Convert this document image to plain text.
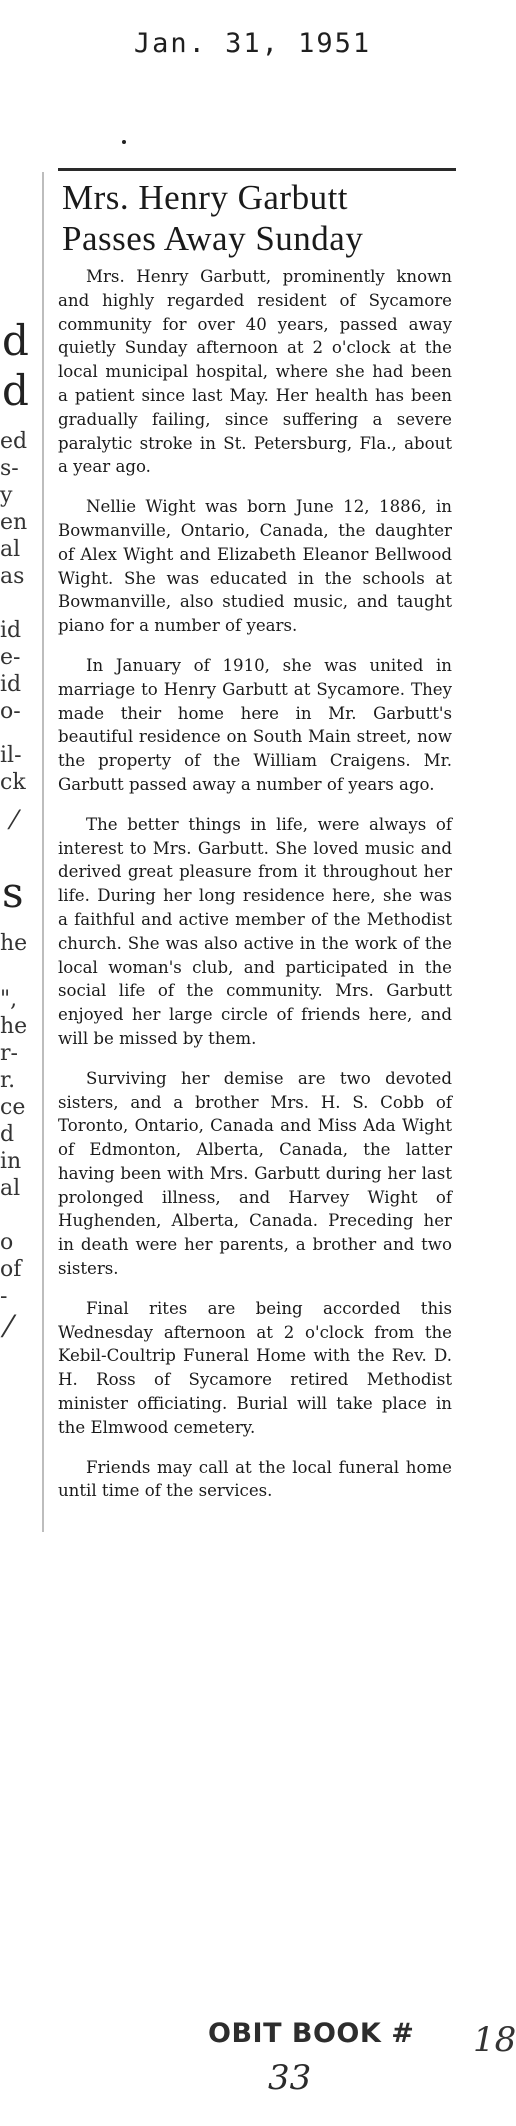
Jan. 31, 1951
d
d
ed
s-
y
en
al
as
id
e-
id
o-
il-
ck
⁄
s
he
",
he
r-
r.
ce
d
in
al
o
of
-
⁄
Mrs. Henry Garbutt
Passes Away Sunday

Mrs. Henry Garbutt, prominently known and highly regarded resident of Sycamore community for over 40 years, passed away quietly Sunday afternoon at 2 o'clock at the local municipal hospital, where she had been a patient since last May. Her health has been gradually failing, since suffering a severe paralytic stroke in St. Petersburg, Fla., about a year ago.

Nellie Wight was born June 12, 1886, in Bowmanville, Ontario, Canada, the daughter of Alex Wight and Elizabeth Eleanor Bellwood Wight. She was educated in the schools at Bowmanville, also studied music, and taught piano for a number of years.

In January of 1910, she was united in marriage to Henry Garbutt at Sycamore. They made their home here in Mr. Garbutt's beautiful residence on South Main street, now the property of the William Craigens. Mr. Garbutt passed away a number of years ago.

The better things in life, were always of interest to Mrs. Garbutt. She loved music and derived great pleasure from it throughout her life. During her long residence here, she was a faithful and active member of the Methodist church. She was also active in the work of the local woman's club, and participated in the social life of the community. Mrs. Garbutt enjoyed her large circle of friends here, and will be missed by them.

Surviving her demise are two devoted sisters, and a brother Mrs. H. S. Cobb of Toronto, Ontario, Canada and Miss Ada Wight of Edmonton, Alberta, Canada, the latter having been with Mrs. Garbutt during her last prolonged illness, and Harvey Wight of Hughenden, Alberta, Canada. Preceding her in death were her parents, a brother and two sisters.

Final rites are being accorded this Wednesday afternoon at 2 o'clock from the Kebil-Coultrip Funeral Home with the Rev. D. H. Ross of Sycamore retired Methodist minister officiating. Burial will take place in the Elmwood cemetery.

Friends may call at the local funeral home until time of the services.

OBIT BOOK #
33
18
